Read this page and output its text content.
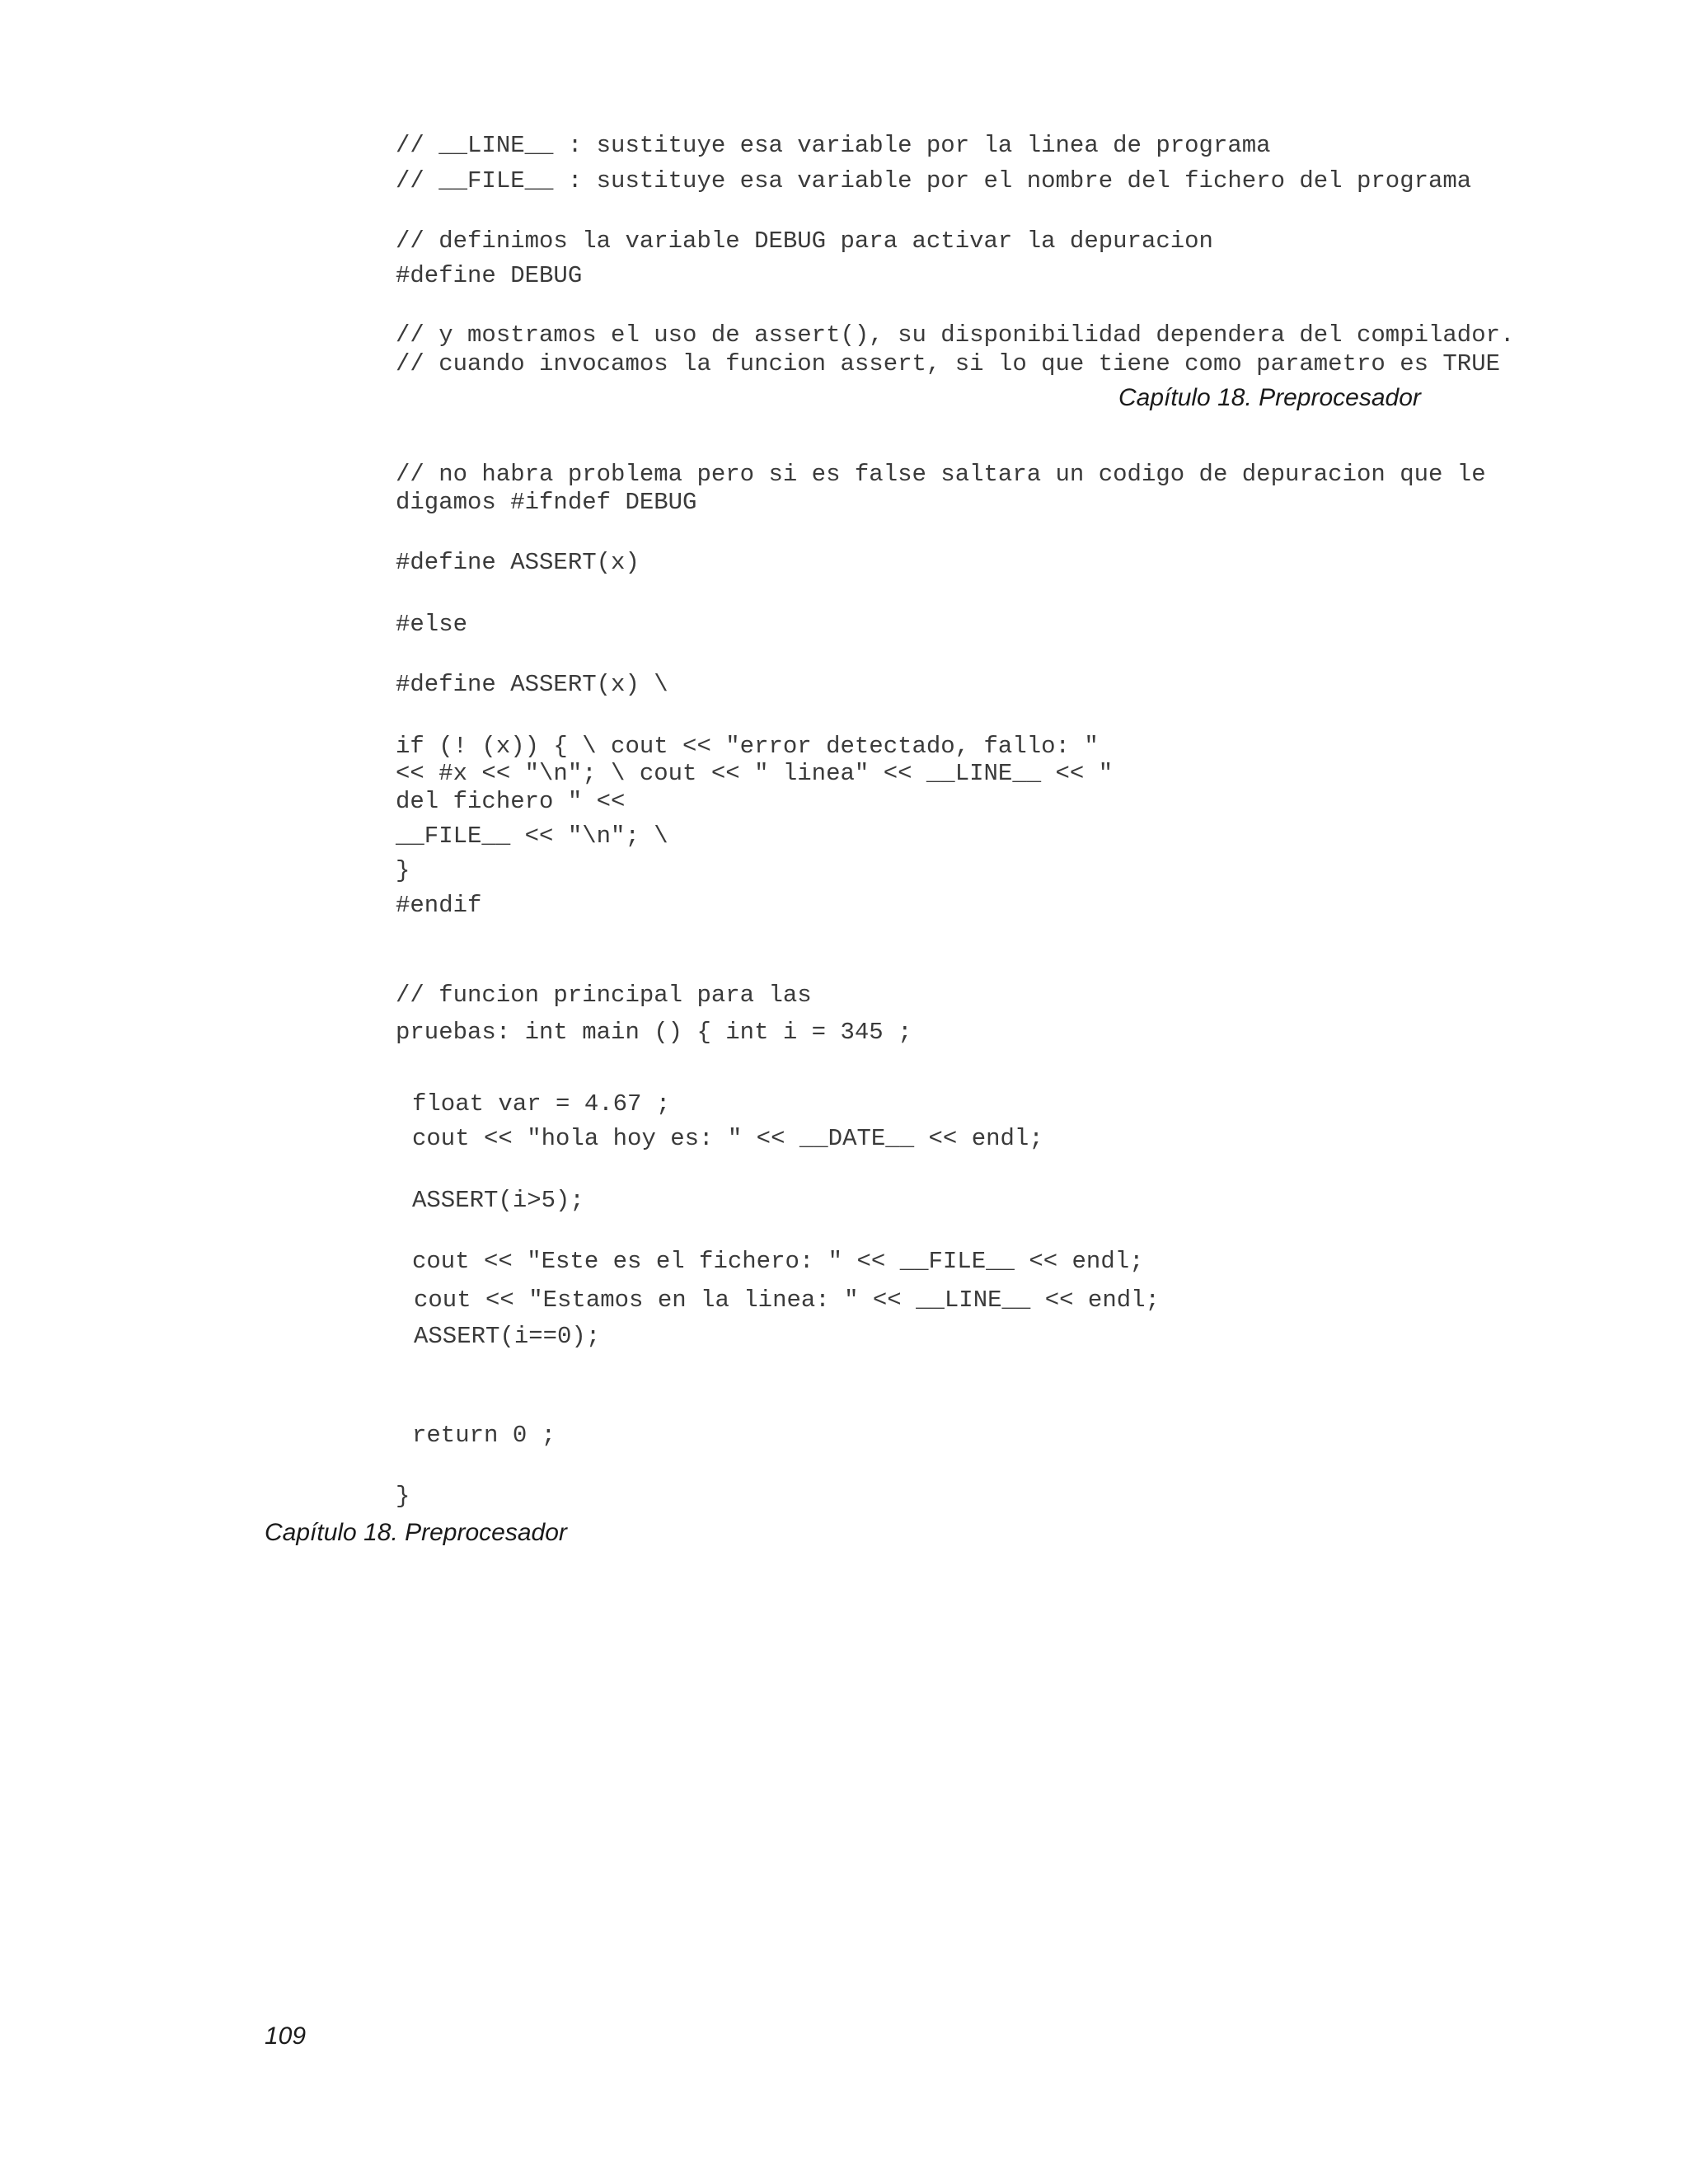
// __LINE__ : sustituye esa variable por la linea de programa
// __FILE__ : sustituye esa variable por el nombre del fichero del programa
// definimos la variable DEBUG para activar la depuracion
#define DEBUG
// y mostramos el uso de assert(), su disponibilidad dependera del compilador.
// cuando invocamos la funcion assert, si lo que tiene como parametro es TRUE
// no habra problema pero si es false saltara un codigo de depuracion que le
digamos #ifndef DEBUG
#define ASSERT(x)
#else
#define ASSERT(x) \
if (! (x)) { \ cout << "error detectado, fallo: "
<< #x << "\n"; \ cout << " linea" << __LINE__ << "
del fichero " <<
__FILE__ << "\n"; \
}
#endif
// funcion principal para las
pruebas: int main () { int i = 345 ;
float var = 4.67 ;
cout << "hola hoy es: " << __DATE__ << endl;
ASSERT(i>5);
cout << "Este es el fichero: " << __FILE__ << endl;
cout << "Estamos en la linea: " << __LINE__ << endl;
ASSERT(i==0);
return 0 ;
}
Capítulo 18. Preprocesador
Capítulo 18. Preprocesador
109
